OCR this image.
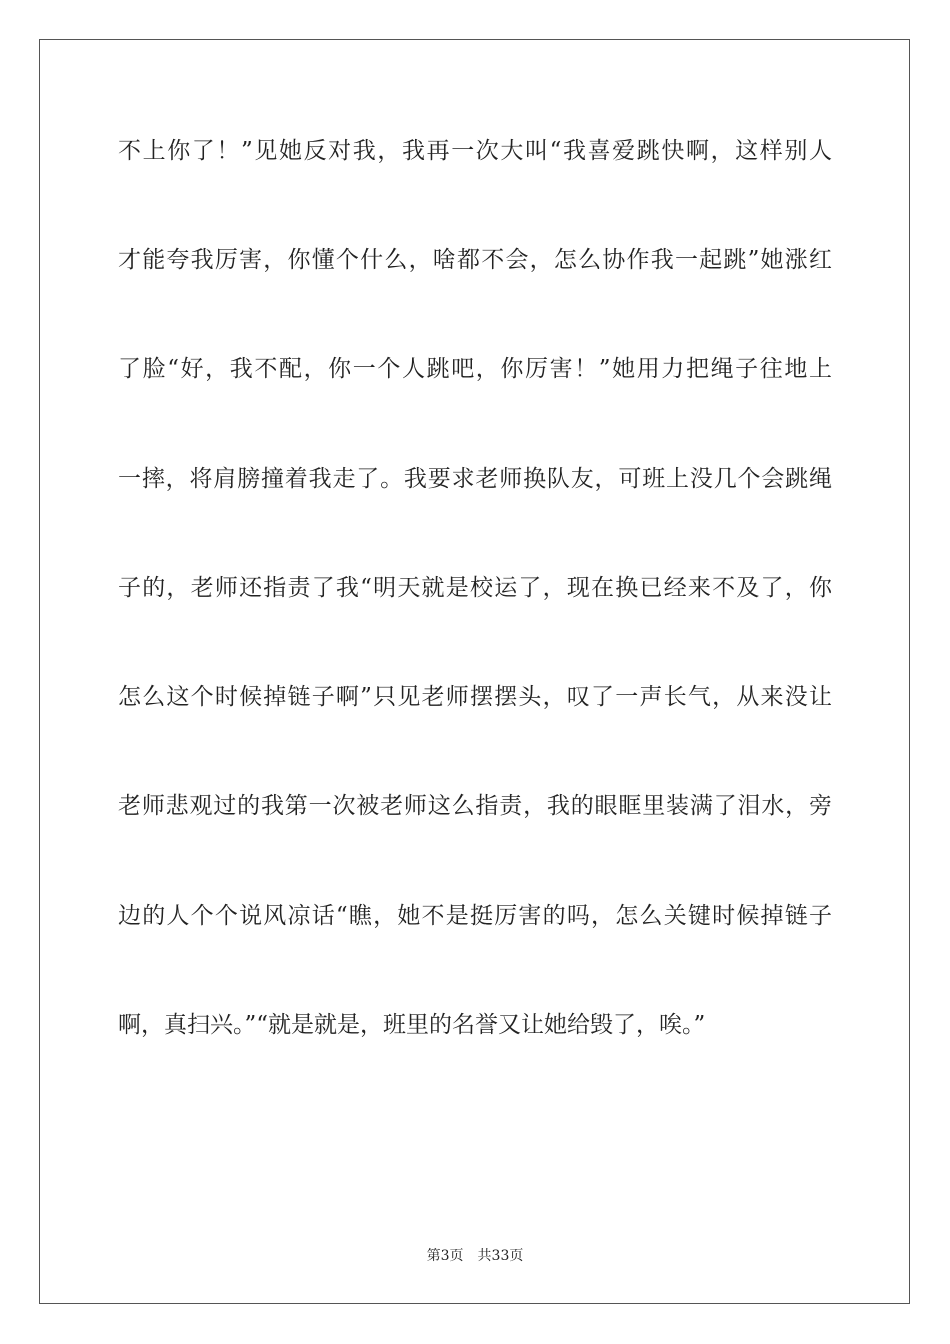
不上你了！”见她反对我，我再一次大叫“我喜爱跳快啊，这样别人
才能夸我厉害，你懂个什么，啥都不会，怎么协作我一起跳”她涨红
了脸“好，我不配，你一个人跳吧，你厉害！”她用力把绳子往地上
一摔，将肩膀撞着我走了。我要求老师换队友，可班上没几个会跳绳
子的，老师还指责了我“明天就是校运了，现在换已经来不及了，你
怎么这个时候掉链子啊”只见老师摆摆头，叹了一声长气，从来没让
老师悲观过的我第一次被老师这么指责，我的眼眶里装满了泪水，旁
边的人个个说风凉话“瞧，她不是挺厉害的吗，怎么关键时候掉链子
啊，真扫兴。”“就是就是，班里的名誉又让她给毁了，唉。”
第3页 共33页
